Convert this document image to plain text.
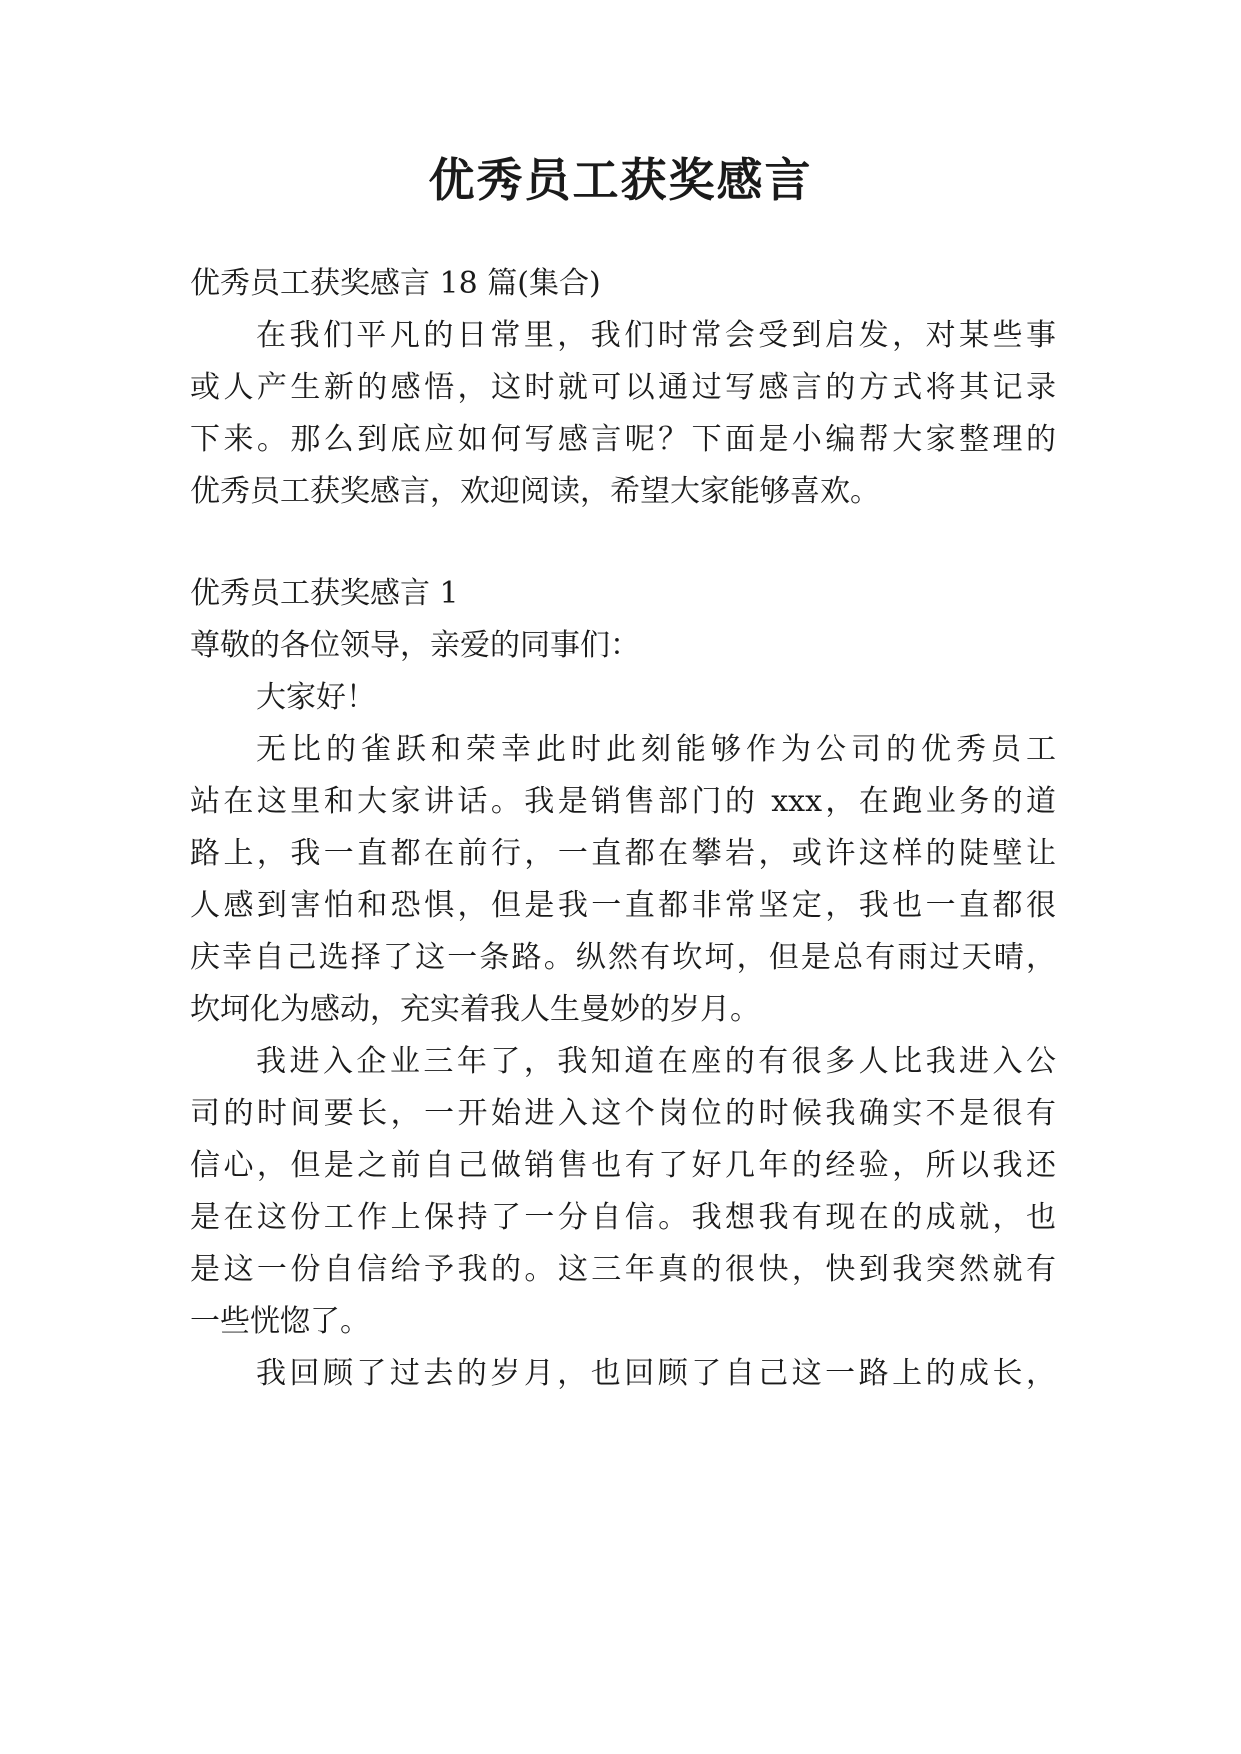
优秀员工获奖感言
优秀员工获奖感言 18 篇(集合)
在我们平凡的日常里，我们时常会受到启发，对某些事
或人产生新的感悟，这时就可以通过写感言的方式将其记录
下来。那么到底应如何写感言呢？下面是小编帮大家整理的
优秀员工获奖感言，欢迎阅读，希望大家能够喜欢。
优秀员工获奖感言 1
尊敬的各位领导，亲爱的同事们：
大家好！
无比的雀跃和荣幸此时此刻能够作为公司的优秀员工
站在这里和大家讲话。我是销售部门的 xxx，在跑业务的道
路上，我一直都在前行，一直都在攀岩，或许这样的陡壁让
人感到害怕和恐惧，但是我一直都非常坚定，我也一直都很
庆幸自己选择了这一条路。纵然有坎坷，但是总有雨过天晴，
坎坷化为感动，充实着我人生曼妙的岁月。
我进入企业三年了，我知道在座的有很多人比我进入公
司的时间要长，一开始进入这个岗位的时候我确实不是很有
信心，但是之前自己做销售也有了好几年的经验，所以我还
是在这份工作上保持了一分自信。我想我有现在的成就，也
是这一份自信给予我的。这三年真的很快，快到我突然就有
一些恍惚了。
我回顾了过去的岁月，也回顾了自己这一路上的成长，
